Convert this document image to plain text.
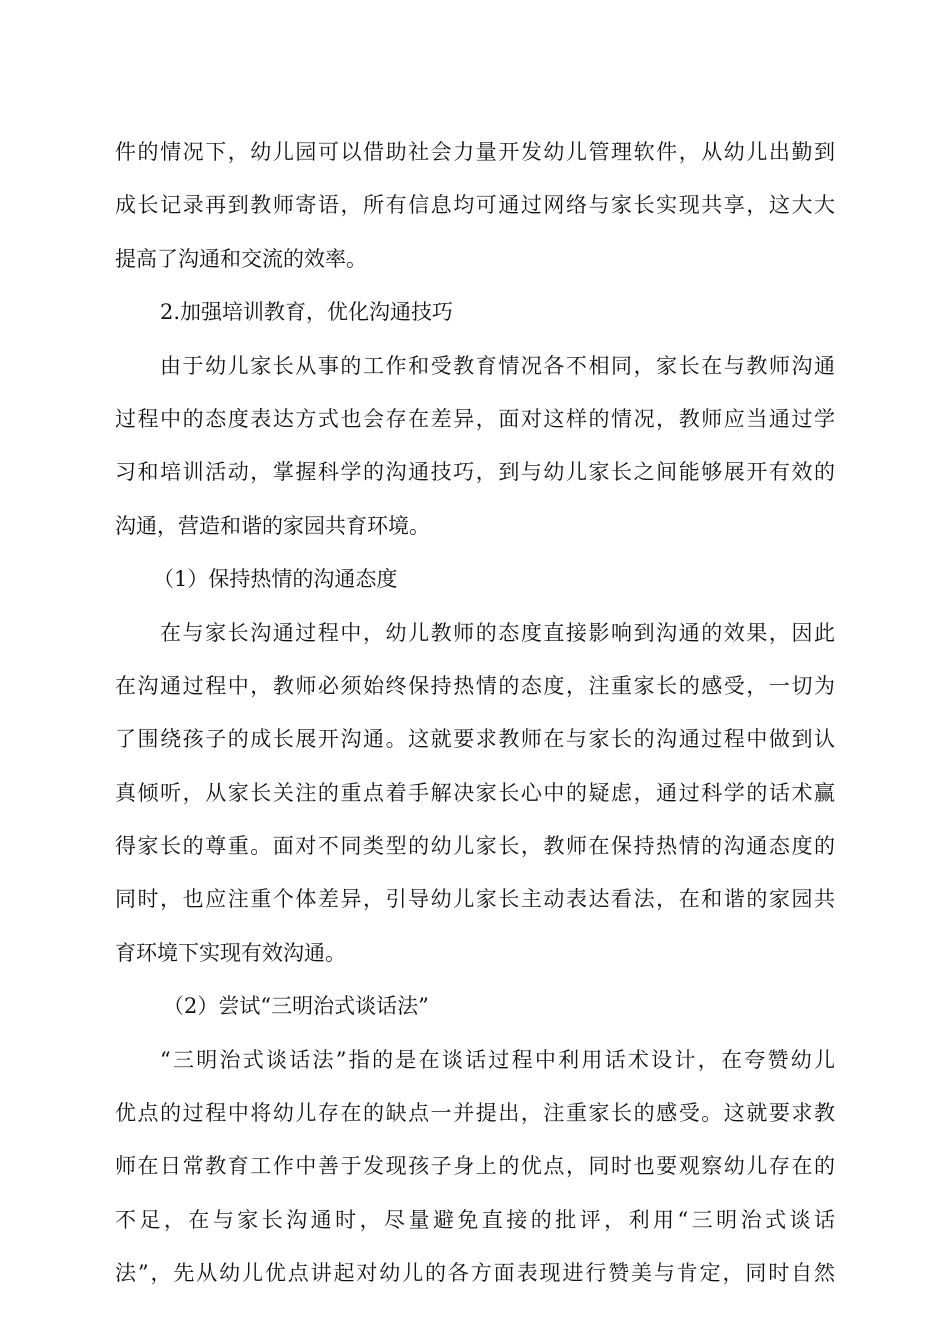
件的情况下，幼儿园可以借助社会力量开发幼儿管理软件，从幼儿出勤到
成长记录再到教师寄语，所有信息均可通过网络与家长实现共享，这大大
提高了沟通和交流的效率。
2.加强培训教育，优化沟通技巧
由于幼儿家长从事的工作和受教育情况各不相同，家长在与教师沟通
过程中的态度表达方式也会存在差异，面对这样的情况，教师应当通过学
习和培训活动，掌握科学的沟通技巧，到与幼儿家长之间能够展开有效的
沟通，营造和谐的家园共育环境。
（1）保持热情的沟通态度
在与家长沟通过程中，幼儿教师的态度直接影响到沟通的效果，因此
在沟通过程中，教师必须始终保持热情的态度，注重家长的感受，一切为
了围绕孩子的成长展开沟通。这就要求教师在与家长的沟通过程中做到认
真倾听，从家长关注的重点着手解决家长心中的疑虑，通过科学的话术赢
得家长的尊重。面对不同类型的幼儿家长，教师在保持热情的沟通态度的
同时，也应注重个体差异，引导幼儿家长主动表达看法，在和谐的家园共
育环境下实现有效沟通。
（2）尝试“三明治式谈话法”
“三明治式谈话法”指的是在谈话过程中利用话术设计，在夸赞幼儿
优点的过程中将幼儿存在的缺点一并提出，注重家长的感受。这就要求教
师在日常教育工作中善于发现孩子身上的优点，同时也要观察幼儿存在的
不足，在与家长沟通时，尽量避免直接的批评，利用“三明治式谈话
法”，先从幼儿优点讲起对幼儿的各方面表现进行赞美与肯定，同时自然
